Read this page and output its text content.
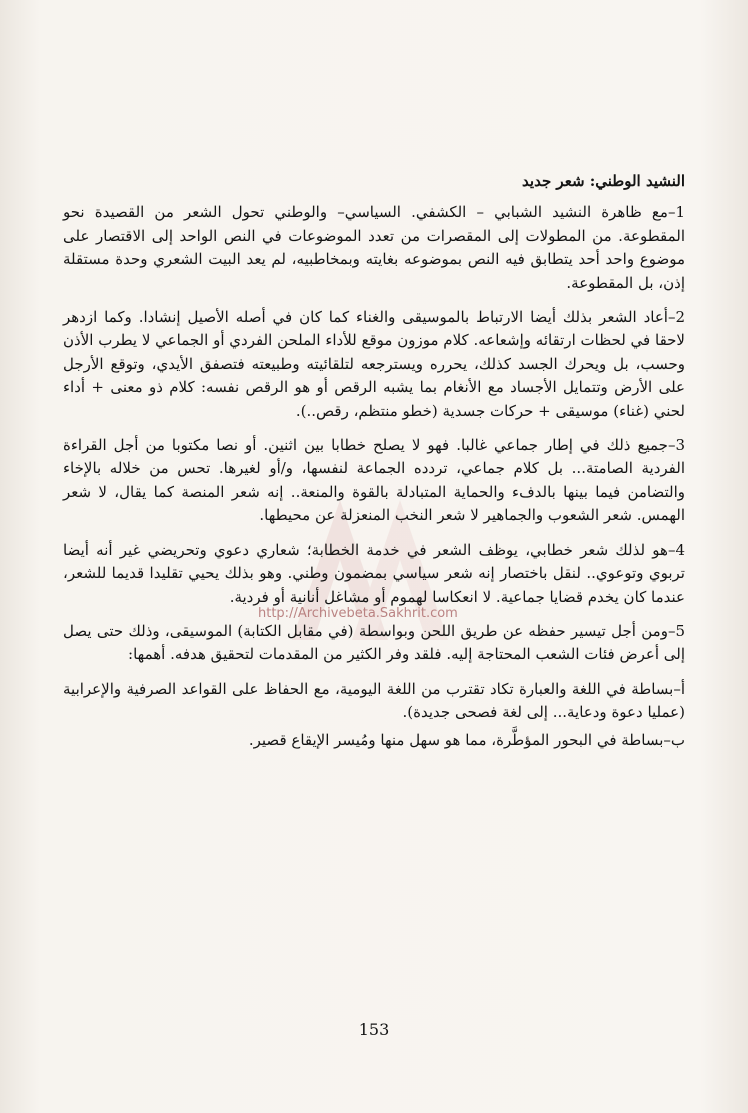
http://Archivebeta.Sakhrit.com

النشيد الوطني: شعر جديد

1–مع ظاهرة النشيد الشبابي – الكشفي. السياسي– والوطني تحول الشعر من القصيدة نحو المقطوعة. من المطولات إلى المقصرات من تعدد الموضوعات في النص الواحد إلى الاقتصار على موضوع واحد أحد يتطابق فيه النص بموضوعه بغايته وبمخاطبيه، لم يعد البيت الشعري وحدة مستقلة إذن، بل المقطوعة.

2–أعاد الشعر بذلك أيضا الارتباط بالموسيقى والغناء كما كان في أصله الأصيل إنشادا. وكما ازدهر لاحقا في لحظات ارتقائه وإشعاعه. كلام موزون موقع للأداء الملحن الفردي أو الجماعي لا يطرب الأذن وحسب، بل ويحرك الجسد كذلك، يحرره ويسترجعه لتلقائيته وطبيعته فتصفق الأيدي، وتوقع الأرجل على الأرض وتتمايل الأجساد مع الأنغام بما يشبه الرقص أو هو الرقص نفسه: كلام ذو معنى + أداء لحني (غناء) موسيقى + حركات جسدية (خطو منتظم، رقص..).

3–جميع ذلك في إطار جماعي غالبا. فهو لا يصلح خطابا بين اثنين. أو نصا مكتوبا من أجل القراءة الفردية الصامتة... بل كلام جماعي، تردده الجماعة لنفسها، و/أو لغيرها. تحس من خلاله بالإخاء والتضامن فيما بينها بالدفء والحماية المتبادلة بالقوة والمنعة.. إنه شعر المنصة كما يقال، لا شعر الهمس. شعر الشعوب والجماهير لا شعر النخب المنعزلة عن محيطها.

4–هو لذلك شعر خطابي، يوظف الشعر في خدمة الخطابة؛ شعاري دعوي وتحريضي غير أنه أيضا تربوي وتوعوي.. لنقل باختصار إنه شعر سياسي بمضمون وطني. وهو بذلك يحيي تقليدا قديما للشعر، عندما كان يخدم قضايا جماعية. لا انعكاسا لهموم أو مشاغل أنانية أو فردية.

5–ومن أجل تيسير حفظه عن طريق اللحن وبواسطة (في مقابل الكتابة) الموسيقى، وذلك حتى يصل إلى أعرض فئات الشعب المحتاجة إليه. فلقد وفر الكثير من المقدمات لتحقيق هدفه. أهمها:

أ–بساطة في اللغة والعبارة تكاد تقترب من اللغة اليومية، مع الحفاظ على القواعد الصرفية والإعرابية (عمليا دعوة ودعاية... إلى لغة فصحى جديدة).

ب–بساطة في البحور المؤطَّرة، مما هو سهل منها ومُيسر الإيقاع قصير.

153
